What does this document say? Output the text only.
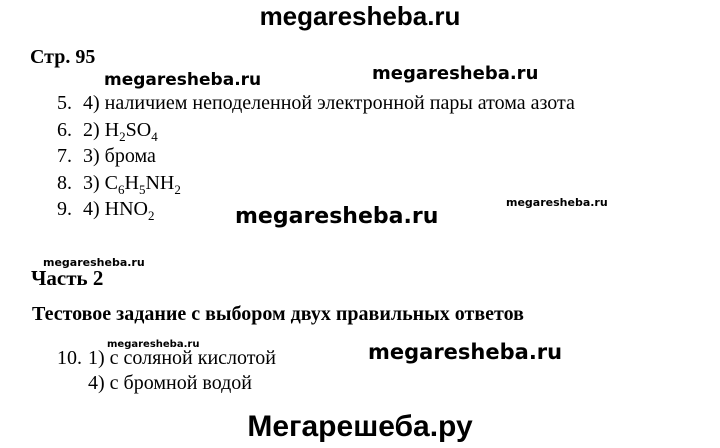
megaresheba.ru
Стр. 95
megaresheba.ru	megaresheba.ru
5. 4) наличием неподеленной электронной пары атома азота
6. 2) $H_2SO_4$
7. 3) брома
8. 3) $C_6H_5NH_2$
9. 4) $HNO_2$	megaresheba.ru
megaresheba.ru
megaresheba.ru
Часть 2
Тестовое задание с выбором двух правильных ответов
megaresheba.ru	megaresheba.ru
10. 1) с соляной кислотой
4) с бромной водой
Мегарешеба.ру
